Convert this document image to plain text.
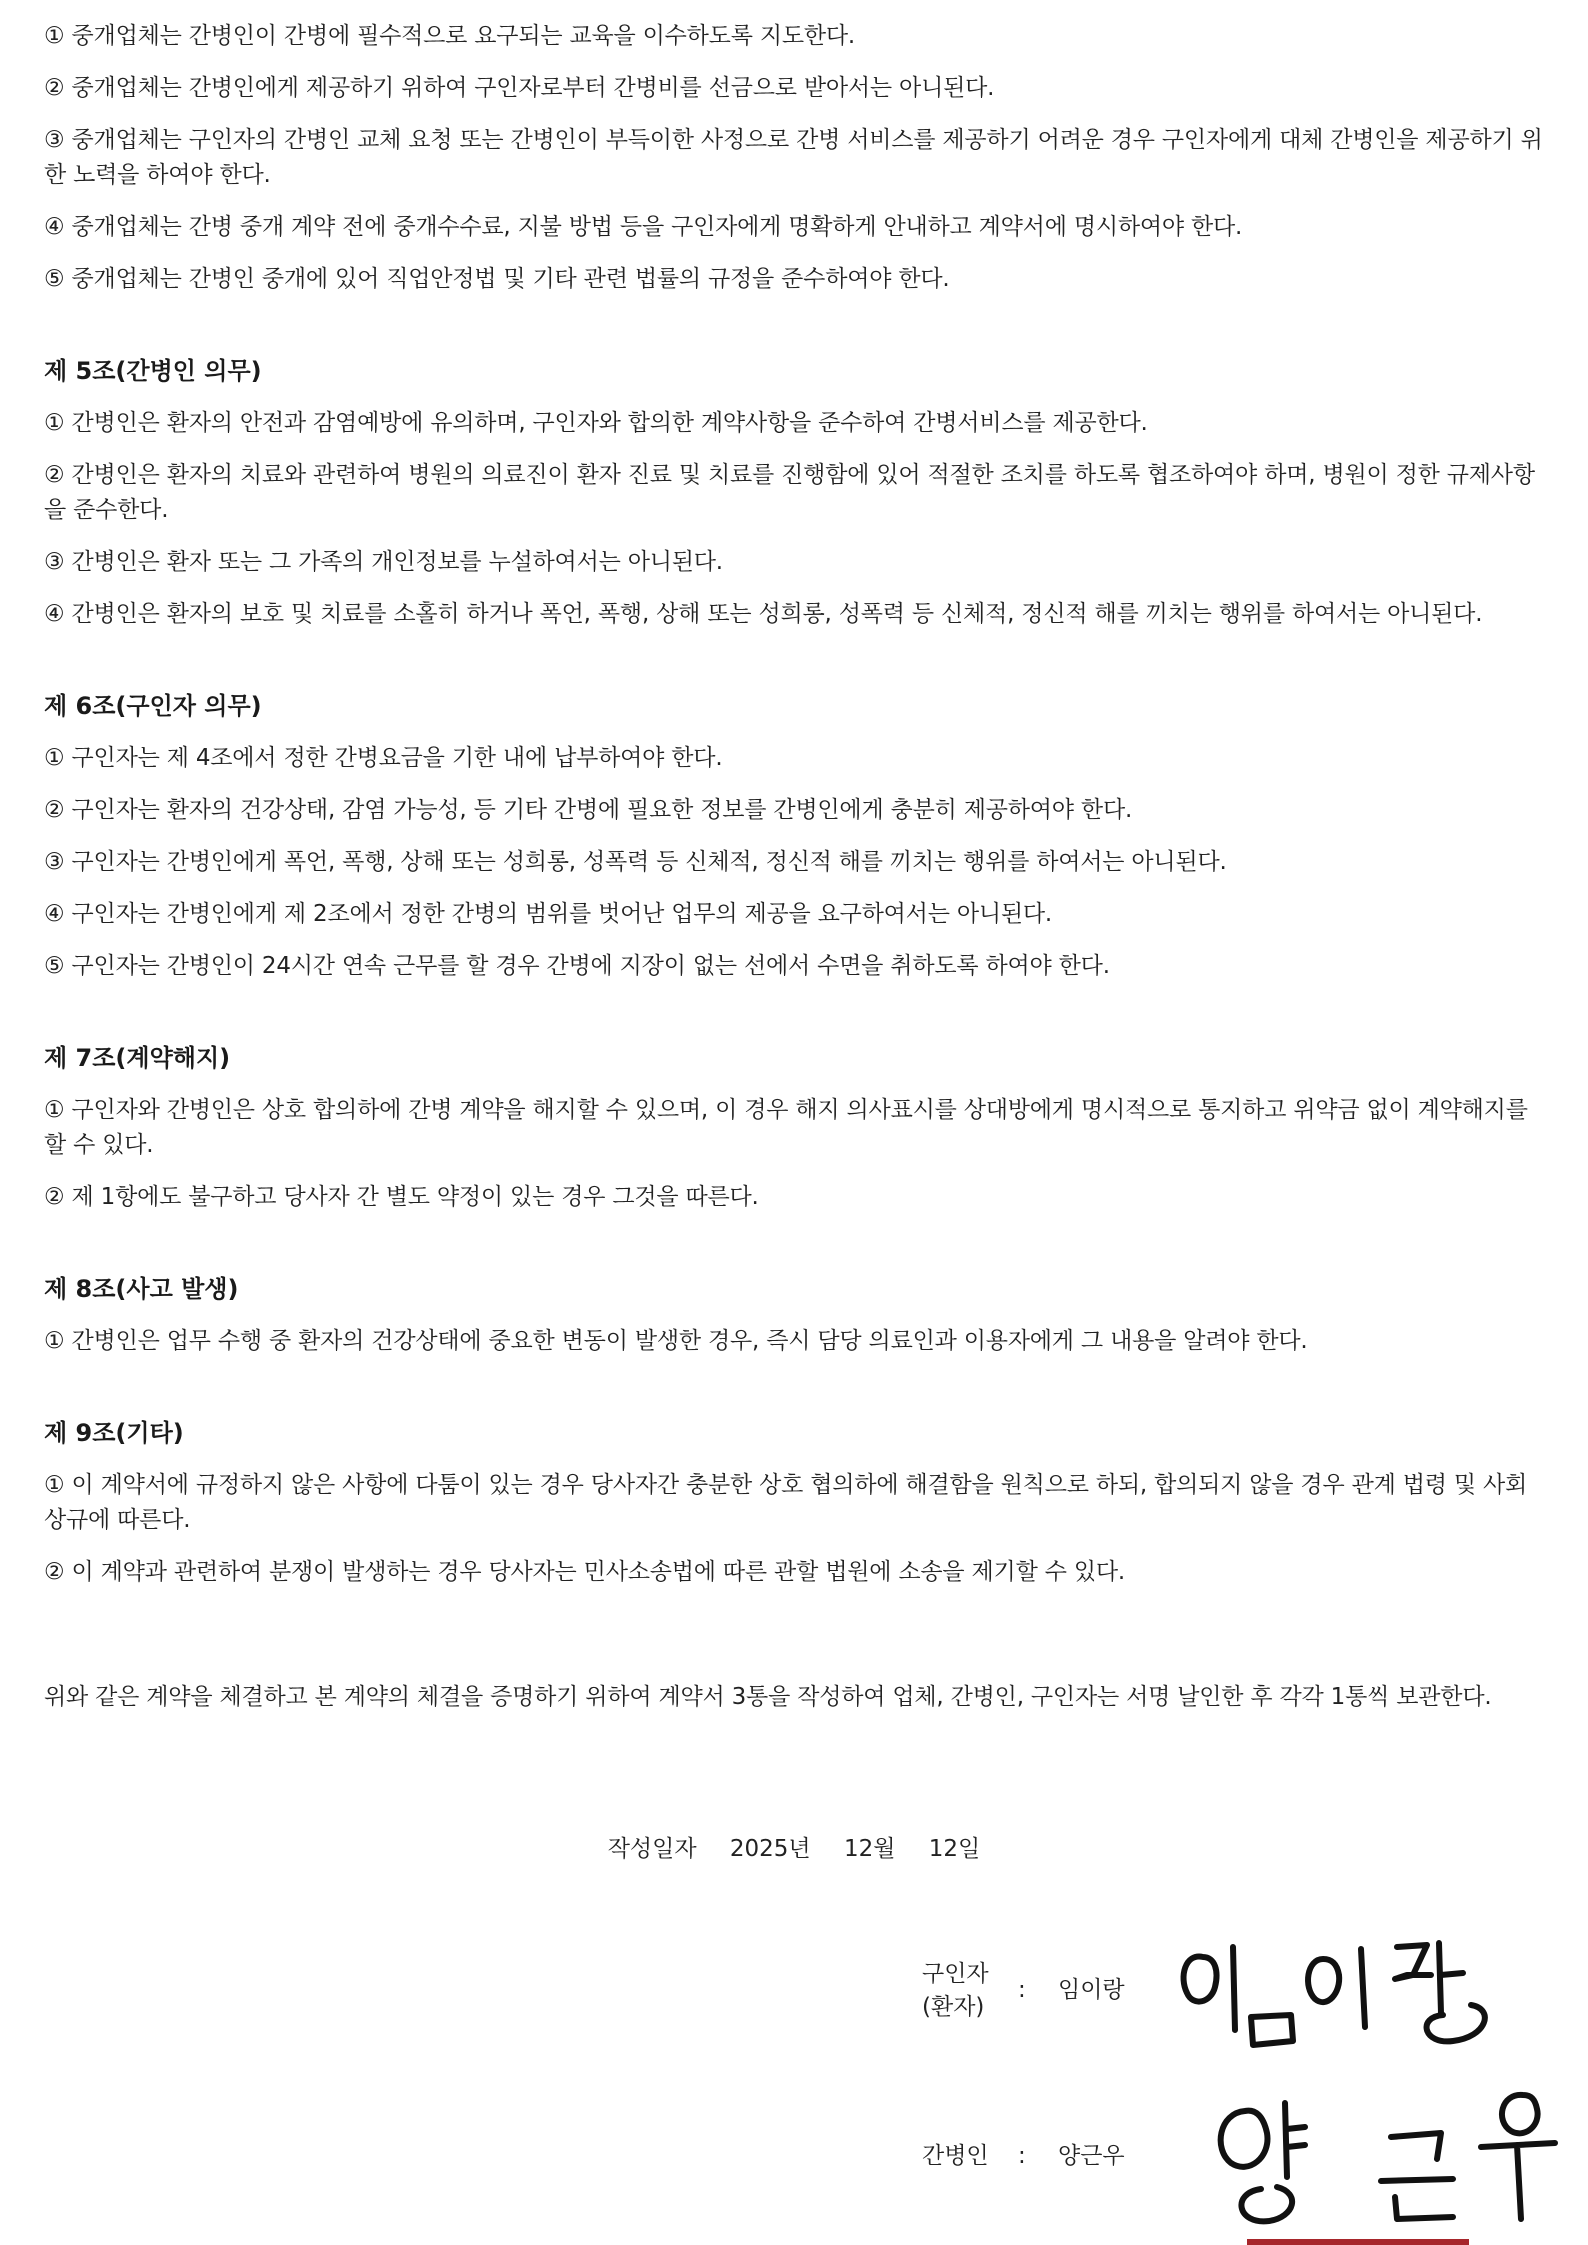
① 중개업체는 간병인이 간병에 필수적으로 요구되는 교육을 이수하도록 지도한다.

② 중개업체는 간병인에게 제공하기 위하여 구인자로부터 간병비를 선금으로 받아서는 아니된다.

③ 중개업체는 구인자의 간병인 교체 요청 또는 간병인이 부득이한 사정으로 간병 서비스를 제공하기 어려운 경우 구인자에게 대체 간병인을 제공하기 위한 노력을 하여야 한다.

④ 중개업체는 간병 중개 계약 전에 중개수수료, 지불 방법 등을 구인자에게 명확하게 안내하고 계약서에 명시하여야 한다.

⑤ 중개업체는 간병인 중개에 있어 직업안정법 및 기타 관련 법률의 규정을 준수하여야 한다.

제 5조(간병인 의무)

① 간병인은 환자의 안전과 감염예방에 유의하며, 구인자와 합의한 계약사항을 준수하여 간병서비스를 제공한다.

② 간병인은 환자의 치료와 관련하여 병원의 의료진이 환자 진료 및 치료를 진행함에 있어 적절한 조치를 하도록 협조하여야 하며, 병원이 정한 규제사항을 준수한다.

③ 간병인은 환자 또는 그 가족의 개인정보를 누설하여서는 아니된다.

④ 간병인은 환자의 보호 및 치료를 소홀히 하거나 폭언, 폭행, 상해 또는 성희롱, 성폭력 등 신체적, 정신적 해를 끼치는 행위를 하여서는 아니된다.

제 6조(구인자 의무)

① 구인자는 제 4조에서 정한 간병요금을 기한 내에 납부하여야 한다.

② 구인자는 환자의 건강상태, 감염 가능성, 등 기타 간병에 필요한 정보를 간병인에게 충분히 제공하여야 한다.

③ 구인자는 간병인에게 폭언, 폭행, 상해 또는 성희롱, 성폭력 등 신체적, 정신적 해를 끼치는 행위를 하여서는 아니된다.

④ 구인자는 간병인에게 제 2조에서 정한 간병의 범위를 벗어난 업무의 제공을 요구하여서는 아니된다.

⑤ 구인자는 간병인이 24시간 연속 근무를 할 경우 간병에 지장이 없는 선에서 수면을 취하도록 하여야 한다.

제 7조(계약해지)

① 구인자와 간병인은 상호 합의하에 간병 계약을 해지할 수 있으며, 이 경우 해지 의사표시를 상대방에게 명시적으로 통지하고 위약금 없이 계약해지를 할 수 있다.

② 제 1항에도 불구하고 당사자 간 별도 약정이 있는 경우 그것을 따른다.

제 8조(사고 발생)

① 간병인은 업무 수행 중 환자의 건강상태에 중요한 변동이 발생한 경우, 즉시 담당 의료인과 이용자에게 그 내용을 알려야 한다.

제 9조(기타)

① 이 계약서에 규정하지 않은 사항에 다툼이 있는 경우 당사자간 충분한 상호 협의하에 해결함을 원칙으로 하되, 합의되지 않을 경우 관계 법령 및 사회상규에 따른다.

② 이 계약과 관련하여 분쟁이 발생하는 경우 당사자는 민사소송법에 따른 관할 법원에 소송을 제기할 수 있다.

위와 같은 계약을 체결하고 본 계약의 체결을 증명하기 위하여 계약서 3통을 작성하여 업체, 간병인, 구인자는 서명 날인한 후 각각 1통씩 보관한다.

작성일자 2025년 12월 12일
구인자
(환자)
: 임이랑
간병인 : 양근우
